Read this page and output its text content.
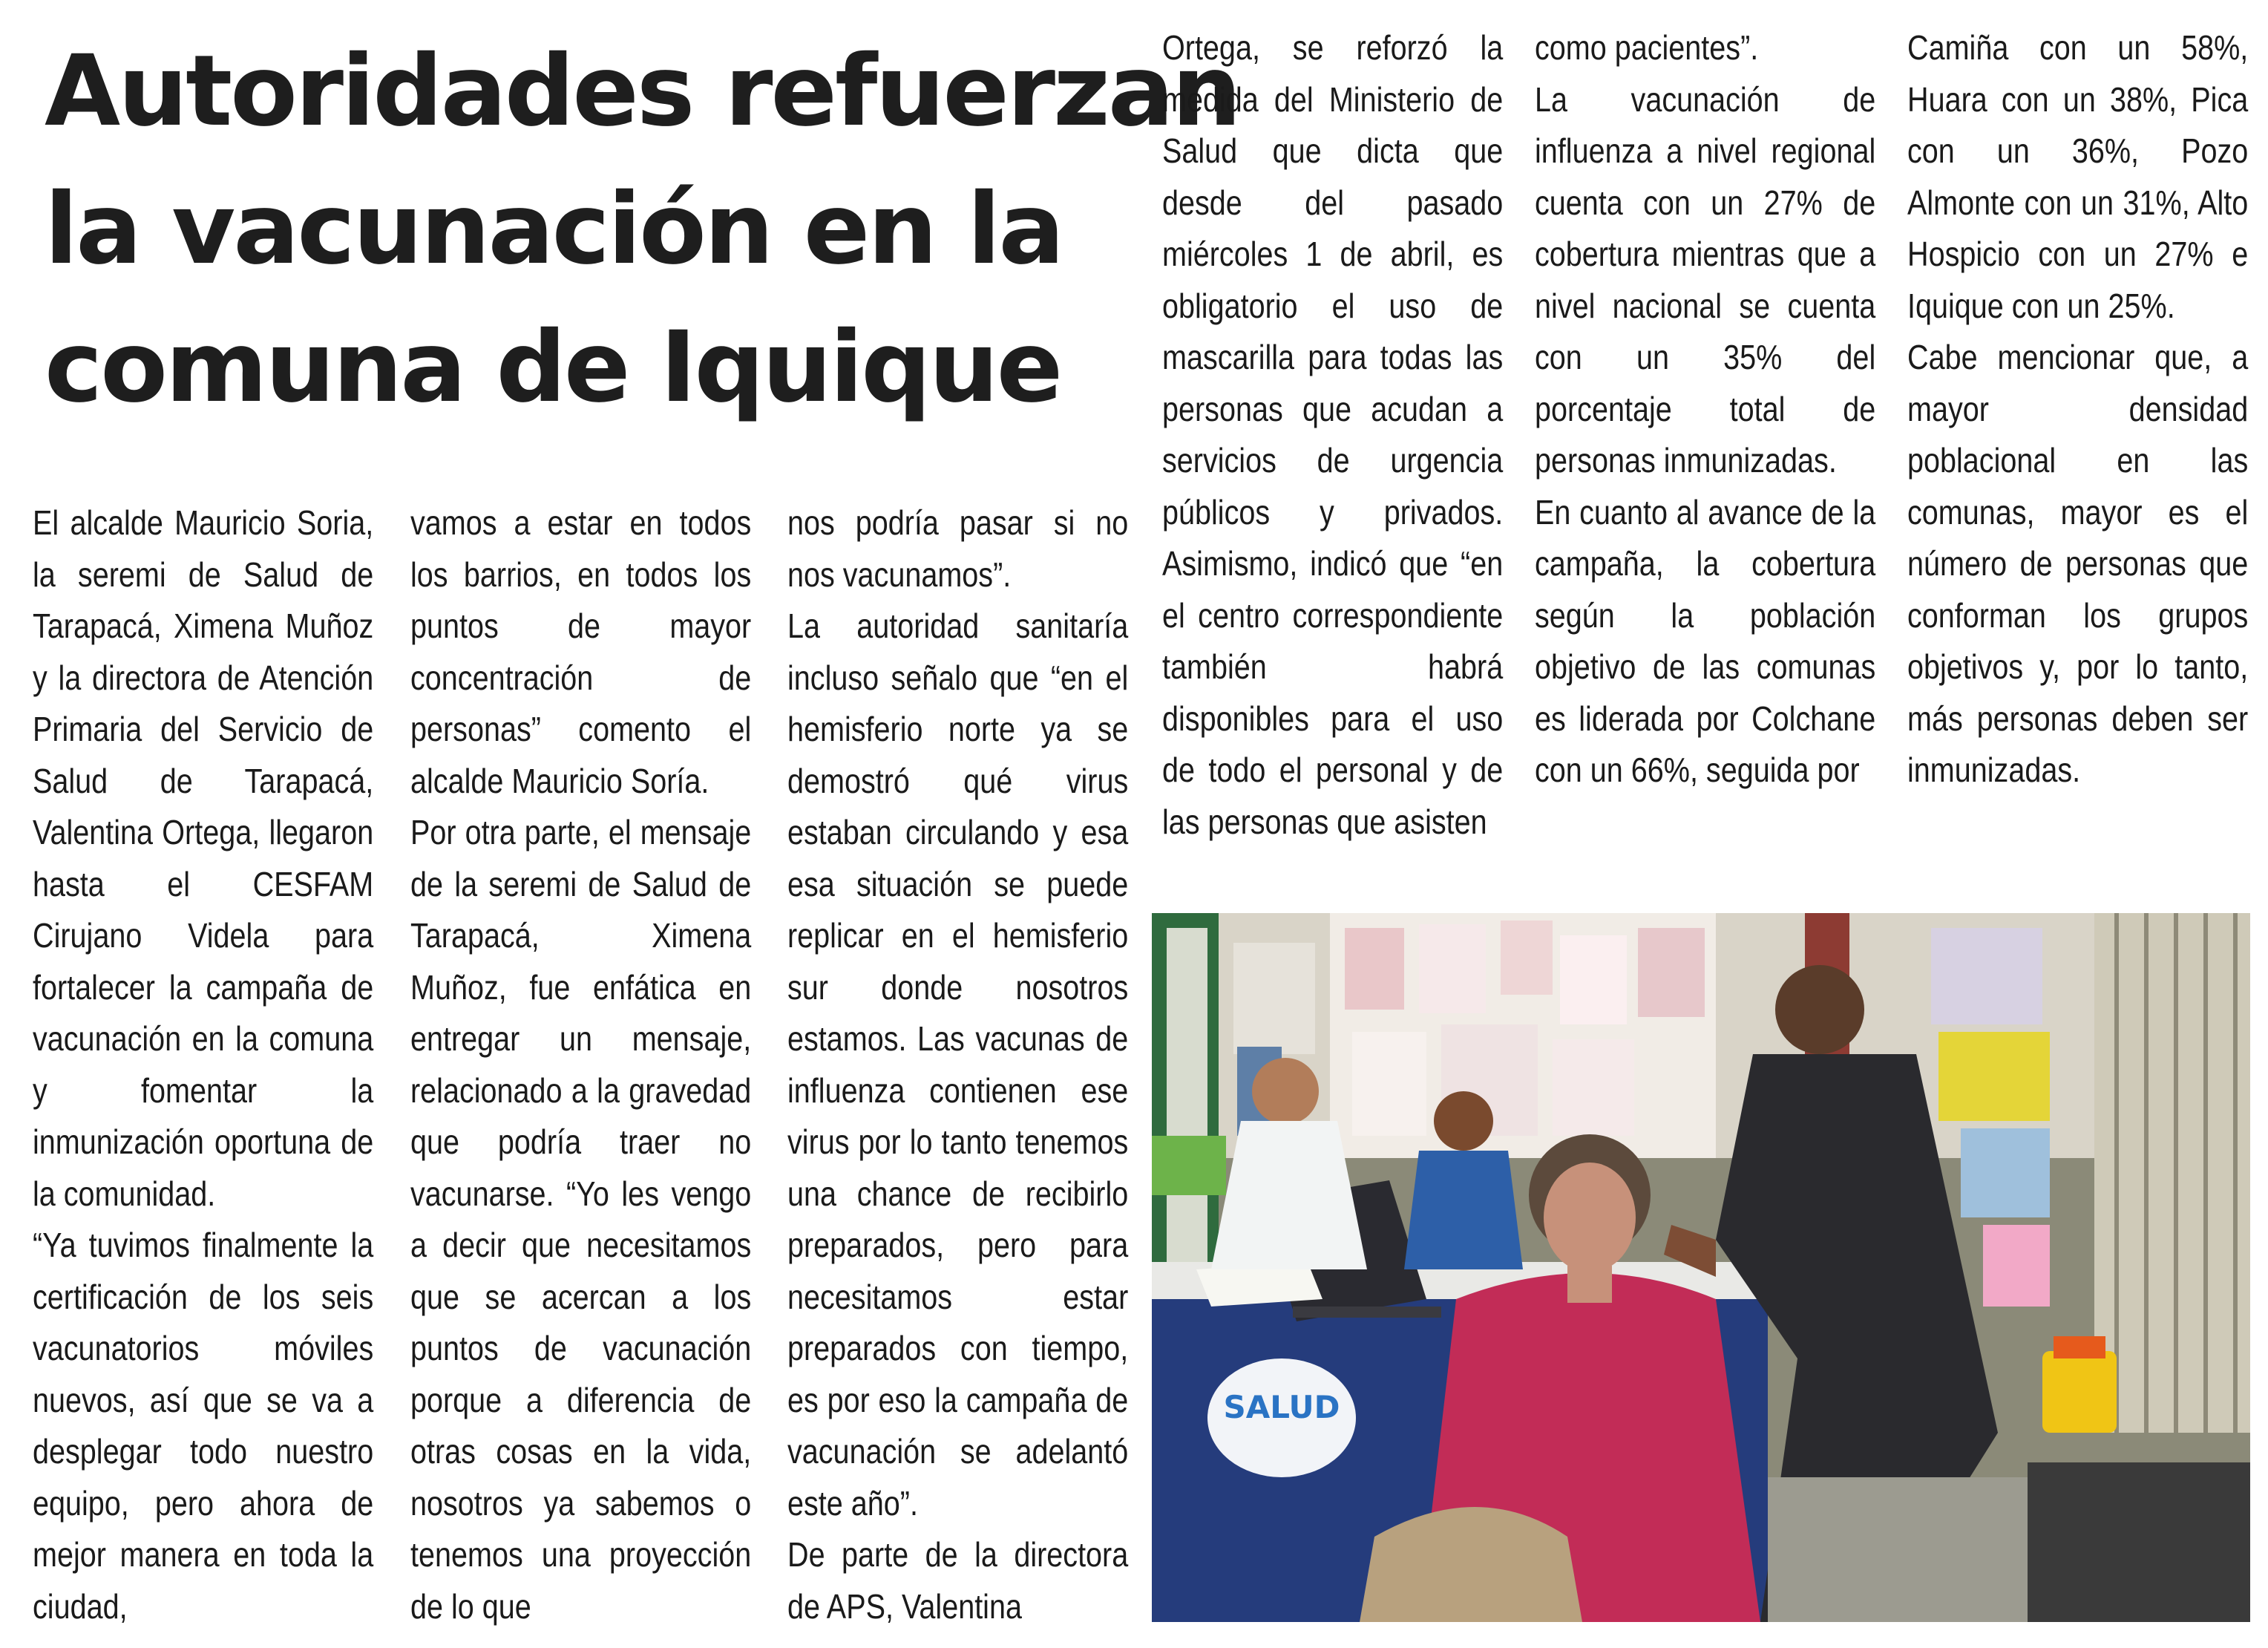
Autoridades refuerzan
la vacunación en la
comuna de Iquique

El alcalde Mauricio Soria, la seremi de Salud de Tarapacá, Ximena Muñoz y la directora de Atención Primaria del Servicio de Salud de Tarapacá, Valentina Ortega, llegaron hasta el CESFAM Cirujano Videla para fortalecer la campaña de vacunación en la comuna y fomentar la inmunización oportuna de la comunidad.

“Ya tuvimos finalmente la certificación de los seis vacunatorios móviles nuevos, así que se va a desplegar todo nuestro equipo, pero ahora de mejor manera en toda la ciudad,

vamos a estar en todos los barrios, en todos los puntos de mayor concentración de personas” comento el alcalde Mauricio Soría.

Por otra parte, el mensaje de la seremi de Salud de Tarapacá, Ximena Muñoz, fue enfática en entregar un mensaje, relacionado a la gravedad que podría traer no vacunarse. “Yo les vengo a decir que necesitamos que se acercan a los puntos de vacunación porque a diferencia de otras cosas en la vida, nosotros ya sabemos o tenemos una proyección de lo que

nos podría pasar si no nos vacunamos”.

La autoridad sanitaría incluso señalo que “en el hemisferio norte ya se demostró qué virus estaban circulando y esa esa situación se puede replicar en el hemisferio sur donde nosotros estamos. Las vacunas de influenza contienen ese virus por lo tanto tenemos una chance de recibirlo preparados, pero para necesitamos estar preparados con tiempo, es por eso la campaña de vacunación se adelantó este año”.

De parte de la directora de APS, Valentina

Ortega, se reforzó la medida del Ministerio de Salud que dicta que desde del pasado miércoles 1 de abril, es obligatorio el uso de mascarilla para todas las personas que acudan a servicios de urgencia públicos y privados. Asimismo, indicó que “en el centro correspondiente también habrá disponibles para el uso de todo el personal y de las personas que asisten

como pacientes”.

La vacunación de influenza a nivel regional cuenta con un 27% de cobertura mientras que a nivel nacional se cuenta con un 35% del porcentaje total de personas inmunizadas.

En cuanto al avance de la campaña, la cobertura según la población objetivo de las comunas es liderada por Colchane con un 66%, seguida por

Camiña con un 58%, Huara con un 38%, Pica con un 36%, Pozo Almonte con un 31%, Alto Hospicio con un 27% e Iquique con un 25%.

Cabe mencionar que, a mayor densidad poblacional en las comunas, mayor es el número de personas que conforman los grupos objetivos y, por lo tanto, más personas deben ser inmunizadas.

SALUD
